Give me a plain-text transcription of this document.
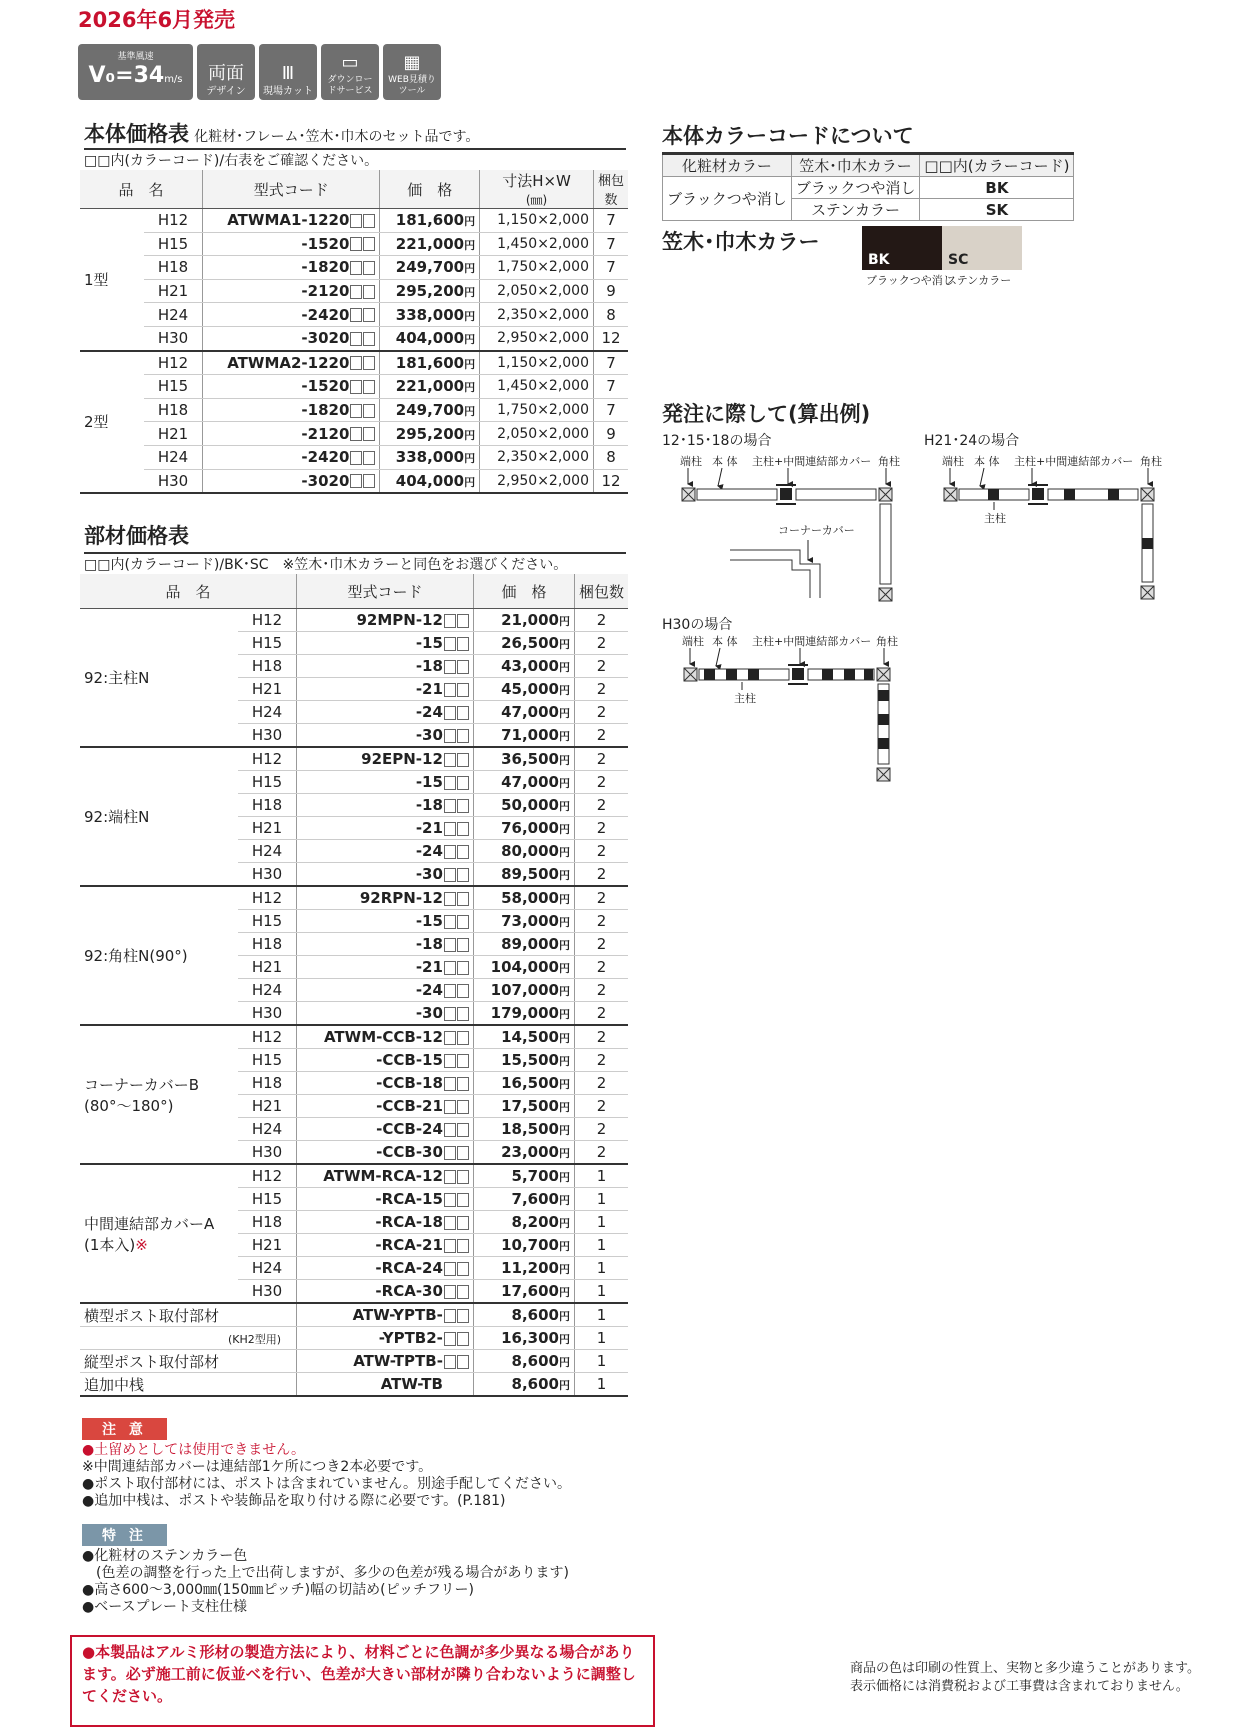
2026年6月発売
基準風速
V₀=34m/s 両面
デザイン
Ⅲ
現場カット
▭
ダウンロードサービス
▦
WEB見積りツール
本体価格表 化粧材･フレーム･笠木･巾木のセット品です。
□□内(カラーコード)/右表をご確認ください。
品　名		型式コード	価　格	寸法H×W
(㎜)	梱包数
1型	H12	ATWMA1-1220	181,600円	1,150×2,000	7
	H15	-1520	221,000円	1,450×2,000	7
	H18	-1820	249,700円	1,750×2,000	7
	H21	-2120	295,200円	2,050×2,000	9
	H24	-2420	338,000円	2,350×2,000	8
	H30	-3020	404,000円	2,950×2,000	12
2型	H12	ATWMA2-1220	181,600円	1,150×2,000	7
	H15	-1520	221,000円	1,450×2,000	7
	H18	-1820	249,700円	1,750×2,000	7
	H21	-2120	295,200円	2,050×2,000	9
	H24	-2420	338,000円	2,350×2,000	8
	H30	-3020	404,000円	2,950×2,000	12
部材価格表
□□内(カラーコード)/BK･SC　※笠木･巾木カラーと同色をお選びください。
品　名		型式コード	価　格	梱包数

92:主柱N	H12	92MPN-12	21,000円	2
	H15	-15	26,500円	2
	H18	-18	43,000円	2
	H21	-21	45,000円	2
	H24	-24	47,000円	2
	H30	-30	71,000円	2

92:端柱N	H12	92EPN-12	36,500円	2
	H15	-15	47,000円	2
	H18	-18	50,000円	2
	H21	-21	76,000円	2
	H24	-24	80,000円	2
	H30	-30	89,500円	2

92:角柱N(90°)	H12	92RPN-12	58,000円	2
	H15	-15	73,000円	2
	H18	-18	89,000円	2
	H21	-21	104,000円	2
	H24	-24	107,000円	2
	H30	-30	179,000円	2

コーナーカバーB
(80°〜180°)	H12	ATWM-CCB-12	14,500円	2
	H15	-CCB-15	15,500円	2
	H18	-CCB-18	16,500円	2
	H21	-CCB-21	17,500円	2
	H24	-CCB-24	18,500円	2
	H30	-CCB-30	23,000円	2

中間連結部カバーA
(1本入)※	H12	ATWM-RCA-12	5,700円	1
	H15	-RCA-15	7,600円	1
	H18	-RCA-18	8,200円	1
	H21	-RCA-21	10,700円	1
	H24	-RCA-24	11,200円	1
	H30	-RCA-30	17,600円	1
横型ポスト取付部材		ATW-YPTB-	8,600円	1

(KH2型用)		-YPTB2-	16,300円	1
縦型ポスト取付部材		ATW-TPTB-	8,600円	1
追加中桟		ATW-TB	8,600円	1
本体カラーコードについて
化粧材カラー	笠木･巾木カラー	□□内(カラーコード)
ブラックつや消し	ブラックつや消し	BK
	ステンカラー	SK
笠木･巾木カラー
BK	SC
ブラックつや消し
ステンカラー
発注に際して(算出例)
12･15･18の場合	H21･24の場合
H30の場合
端柱 本 体 主柱+中間連結部カバー 角柱
コーナーカバー
端柱 本 体 主柱+中間連結部カバー 角柱
主柱
端柱 本 体 主柱+中間連結部カバー 角柱
主柱
注 意
●土留めとしては使用できません。
※中間連結部カバーは連結部1ケ所につき2本必要です。
●ポスト取付部材には、ポストは含まれていません。別途手配してください。
●追加中桟は、ポストや装飾品を取り付ける際に必要です。(P.181)
特 注
●化粧材のステンカラー色
　(色差の調整を行った上で出荷しますが、多少の色差が残る場合があります)
●高さ600〜3,000㎜(150㎜ピッチ)幅の切詰め(ピッチフリー)
●ベースプレート支柱仕様
●本製品はアルミ形材の製造方法により、材料ごとに色調が多少異なる場合があります。必ず施工前に仮並べを行い、色差が大きい部材が隣り合わないように調整してください。
商品の色は印刷の性質上、実物と多少違うことがあります。
表示価格には消費税および工事費は含まれておりません。
